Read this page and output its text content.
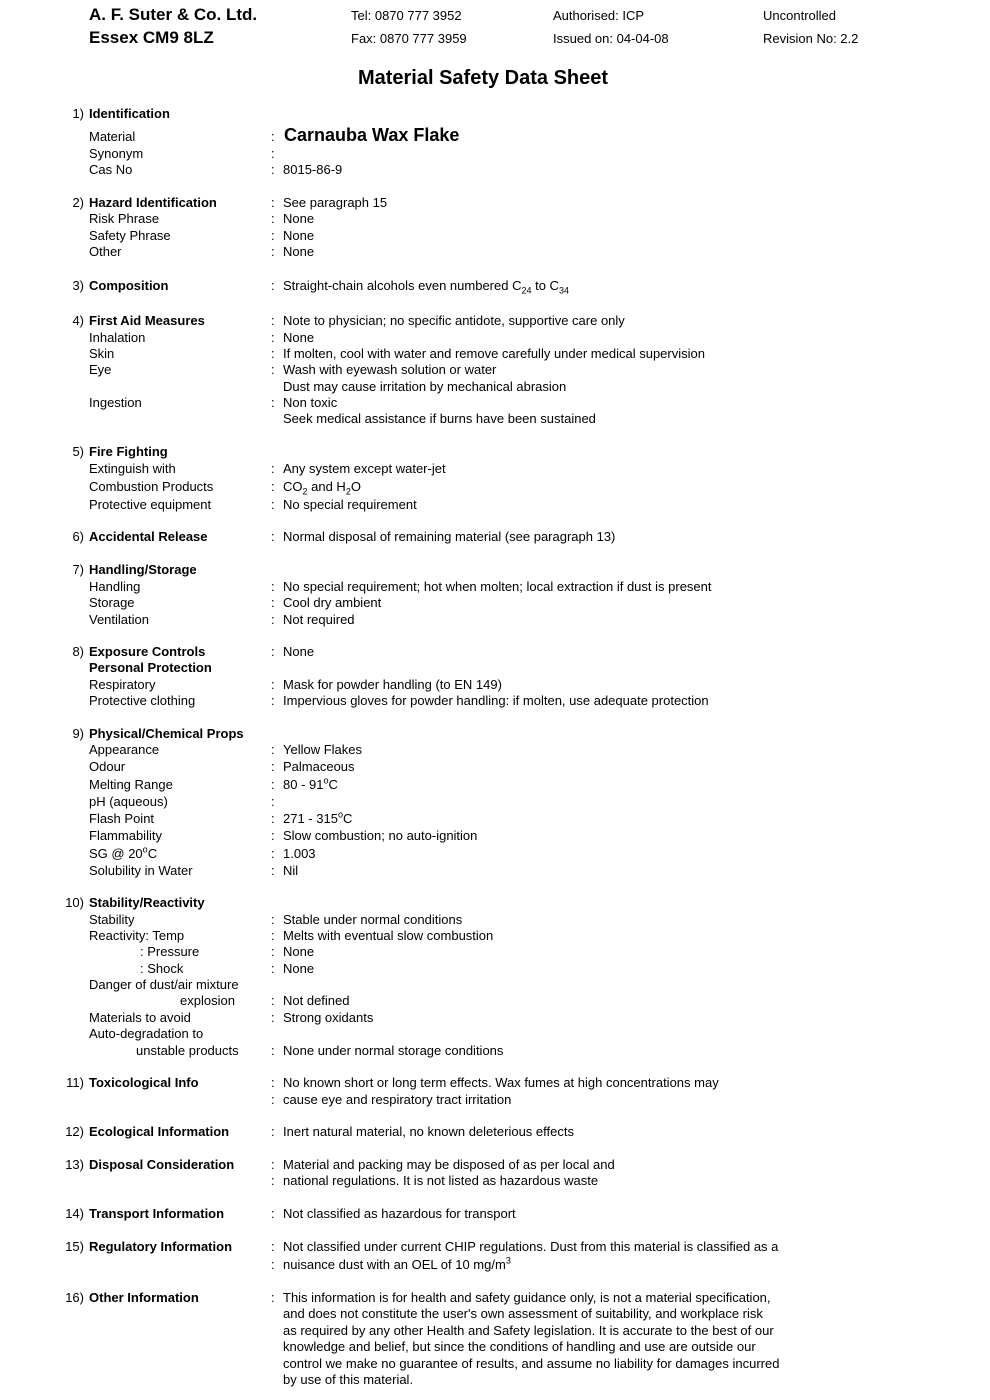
A. F. Suter & Co. Ltd.
Essex CM9 8LZ
Tel: 0870 777 3952
Fax: 0870 777 3959
Authorised: ICP
Issued on: 04-04-08
Uncontrolled
Revision No: 2.2
Material Safety Data Sheet
1) Identification
Material	: Carnauba Wax Flake
Synonym	:
Cas No	: 8015-86-9
2) Hazard Identification	: See paragraph 15
Risk Phrase	: None
Safety Phrase	: None
Other	: None
3) Composition	: Straight-chain alcohols even numbered $C_{24}$ to $C_{34}$
4) First Aid Measures	: Note to physician; no specific antidote, supportive care only
Inhalation	: None
Skin	: If molten, cool with water and remove carefully under medical supervision
Eye	: Wash with eyewash solution or water
Dust may cause irritation by mechanical abrasion
Ingestion	: Non toxic
Seek medical assistance if burns have been sustained
5) Fire Fighting
Extinguish with	: Any system except water-jet
Combustion Products	: $CO_2$ and $H_2O$
Protective equipment	: No special requirement
6) Accidental Release	: Normal disposal of remaining material (see paragraph 13)
7) Handling/Storage
Handling	: No special requirement; hot when molten; local extraction if dust is present
Storage	: Cool dry ambient
Ventilation	: Not required
8) Exposure Controls	: None
Personal Protection
Respiratory	: Mask for powder handling (to EN 149)
Protective clothing	: Impervious gloves for powder handling: if molten, use adequate protection
9) Physical/Chemical Props
Appearance	: Yellow Flakes
Odour	: Palmaceous
Melting Range	: 80 - 91$^o$C
pH (aqueous)	:
Flash Point	: 271 - 315$^o$C
Flammability	: Slow combustion; no auto-ignition
SG @ 20$^o$C	: 1.003
Solubility in Water	: Nil
10) Stability/Reactivity
Stability	: Stable under normal conditions
Reactivity: Temp	: Melts with eventual slow combustion
: Pressure	: None
: Shock	: None
Danger of dust/air mixture
explosion	: Not defined
Materials to avoid	: Strong oxidants
Auto-degradation to
unstable products : None under normal storage conditions
11) Toxicological Info	: No known short or long term effects. Wax fumes at high concentrations may
: cause eye and respiratory tract irritation
12) Ecological Information	: Inert natural material, no known deleterious effects
13) Disposal Consideration	: Material and packing may be disposed of as per local and
: national regulations. It is not listed as hazardous waste
14) Transport Information	: Not classified as hazardous for transport
15) Regulatory Information	: Not classified under current CHIP regulations. Dust from this material is classified as a
: nuisance dust with an OEL of 10 $mg/m^3$
16) Other Information	: This information is for health and safety guidance only, is not a material specification,
and does not constitute the user's own assessment of suitability, and workplace risk
as required by any other Health and Safety legislation. It is accurate to the best of our
knowledge and belief, but since the conditions of handling and use are outside our
control we make no guarantee of results, and assume no liability for damages incurred
by use of this material.
